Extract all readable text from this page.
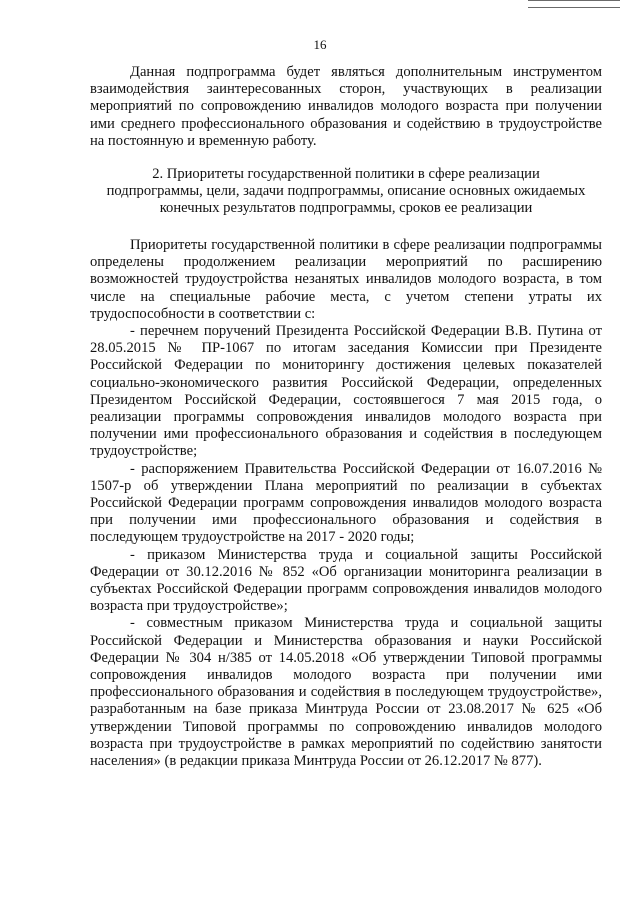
16

Данная подпрограмма будет являться дополнительным инструментом взаимодействия заинтересованных сторон, участвующих в реализации мероприятий по сопровождению инвалидов молодого возраста при получении ими среднего профессионального образования и содействию в трудоустройстве на постоянную и временную работу.

2. Приоритеты государственной политики в сфере реализации

подпрограммы, цели, задачи подпрограммы, описание основных ожидаемых

конечных результатов подпрограммы, сроков ее реализации

Приоритеты государственной политики в сфере реализации подпрограммы определены продолжением реализации мероприятий по расширению возможностей трудоустройства незанятых инвалидов молодого возраста, в том числе на специальные рабочие места, с учетом степени утраты их трудоспособности в соответствии с:

- перечнем поручений Президента Российской Федерации В.В. Путина от 28.05.2015 № ПР-1067 по итогам заседания Комиссии при Президенте Российской Федерации по мониторингу достижения целевых показателей социально-экономического развития Российской Федерации, определенных Президентом Российской Федерации, состоявшегося 7 мая 2015 года, о реализации программы сопровождения инвалидов молодого возраста при получении ими профессионального образования и содействия в последующем трудоустройстве;

- распоряжением Правительства Российской Федерации от 16.07.2016 № 1507-р об утверждении Плана мероприятий по реализации в субъектах Российской Федерации программ сопровождения инвалидов молодого возраста при получении ими профессионального образования и содействия в последующем трудоустройстве на 2017 - 2020 годы;

- приказом Министерства труда и социальной защиты Российской Федерации от 30.12.2016 № 852 «Об организации мониторинга реализации в субъектах Российской Федерации программ сопровождения инвалидов молодого возраста при трудоустройстве»;

- совместным приказом Министерства труда и социальной защиты Российской Федерации и Министерства образования и науки Российской Федерации № 304 н/385 от 14.05.2018 «Об утверждении Типовой программы сопровождения инвалидов молодого возраста при получении ими профессионального образования и содействия в последующем трудоустройстве», разработанным на базе приказа Минтруда России от 23.08.2017 № 625 «Об утверждении Типовой программы по сопровождению инвалидов молодого возраста при трудоустройстве в рамках мероприятий по содействию занятости населения» (в редакции приказа Минтруда России от 26.12.2017 № 877).
